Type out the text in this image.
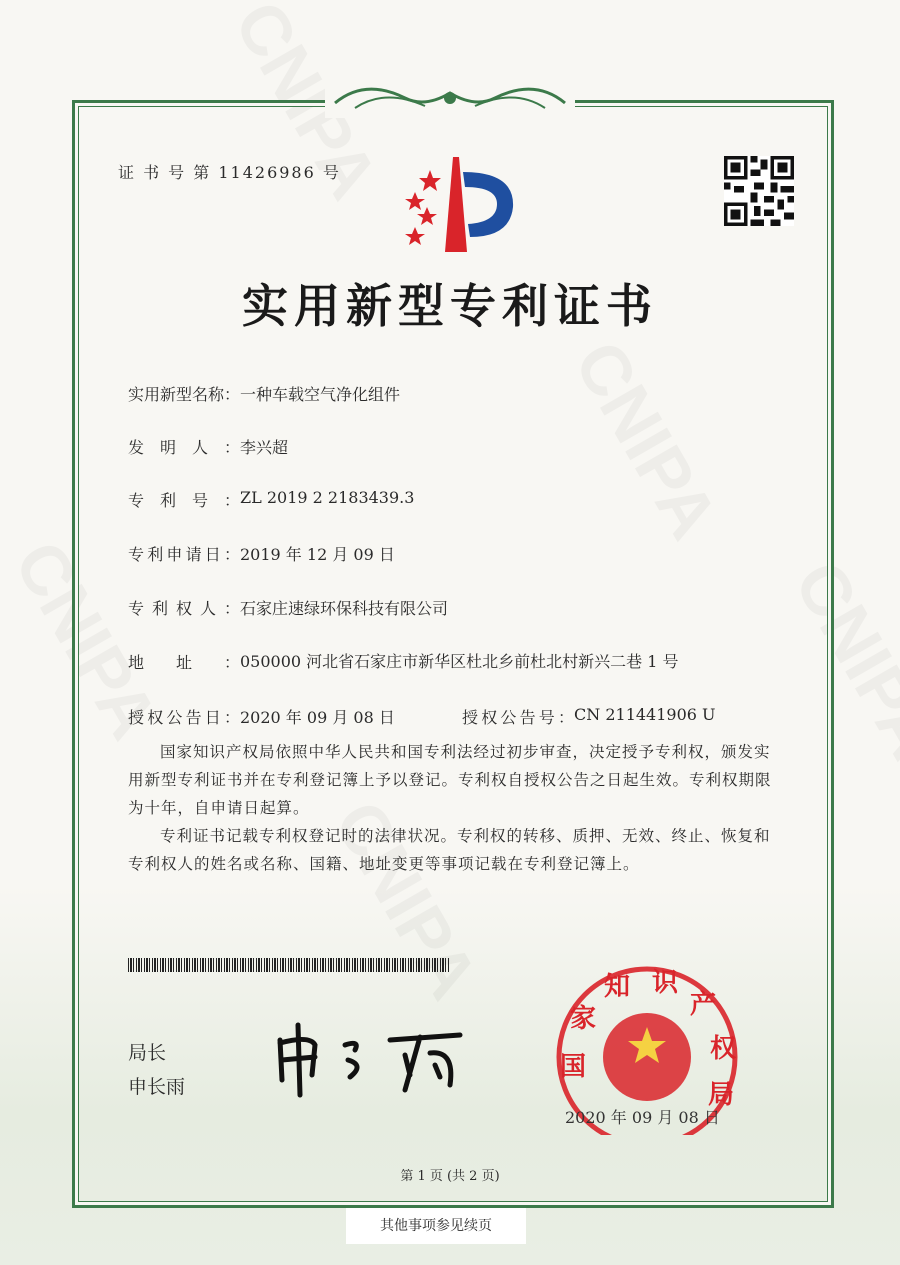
证 书 号 第 11426986 号
实用新型专利证书
实用新型名称：一种车载空气净化组件
发明人：李兴超
专利号：ZL 2019 2 2183439.3
专利申请日：2019 年 12 月 09 日
专利权人：石家庄速绿环保科技有限公司
地址：050000 河北省石家庄市新华区杜北乡前杜北村新兴二巷 1 号
授权公告日：2020 年 09 月 08 日	授权公告号：CN 211441906 U
国家知识产权局依照中华人民共和国专利法经过初步审查，决定授予专利权，颁发实用新型专利证书并在专利登记簿上予以登记。专利权自授权公告之日起生效。专利权期限为十年，自申请日起算。
专利证书记载专利权登记时的法律状况。专利权的转移、质押、无效、终止、恢复和专利权人的姓名或名称、国籍、地址变更等事项记载在专利登记簿上。
局长
申长雨
国
家
知 识
产
权
局
2020 年 09 月 08 日
第 1 页 (共 2 页)
其他事项参见续页
